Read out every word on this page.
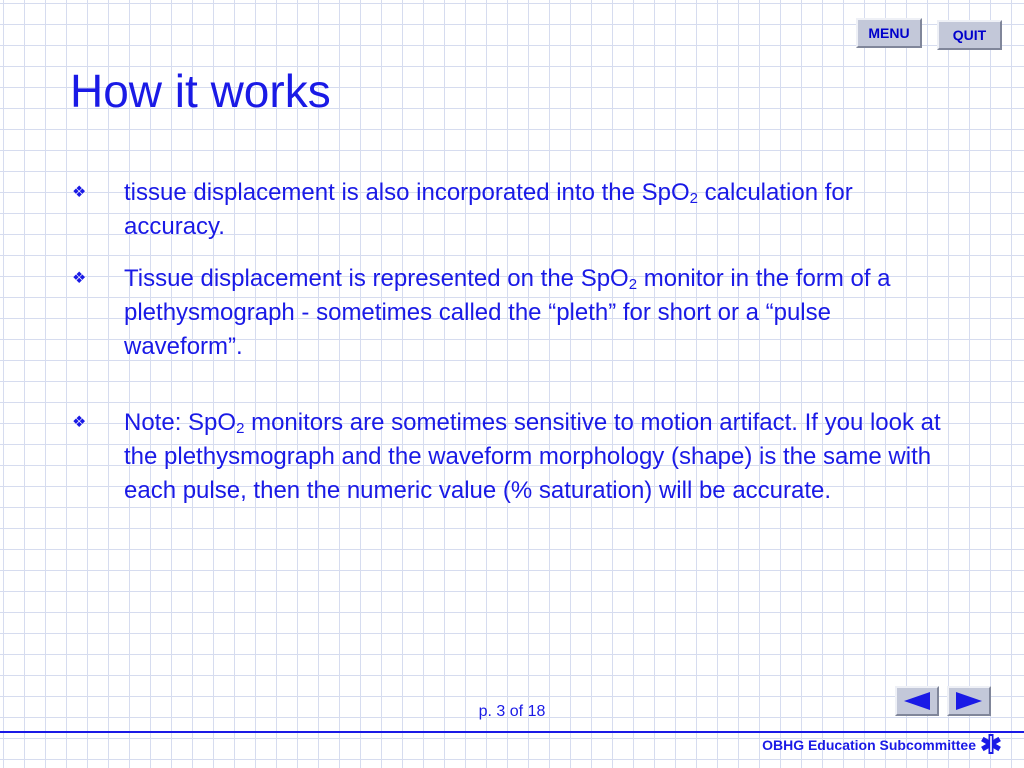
MENU	QUIT
How it works
❖	tissue displacement is also incorporated into the SpO$_2$ calculation for accuracy.
❖	Tissue displacement is represented on the SpO$_2$ monitor in the form of a plethysmograph - sometimes called the “pleth” for short or a “pulse waveform”.
❖	Note: SpO$_2$ monitors are sometimes sensitive to motion artifact. If you look at the plethysmograph and the waveform morphology (shape) is the same with each pulse, then the numeric value (% saturation) will be accurate.
p. 3 of 18
OBHG Education Subcommittee
